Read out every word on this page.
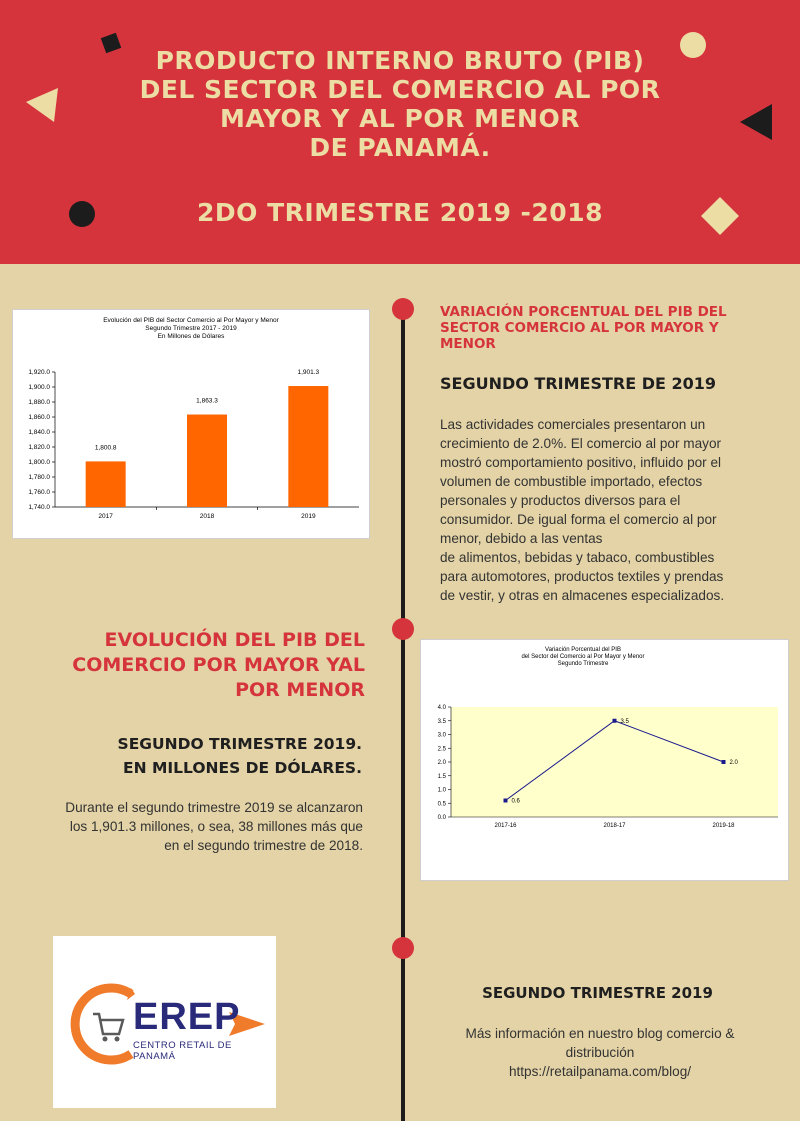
PRODUCTO INTERNO BRUTO (PIB)
DEL SECTOR DEL COMERCIO AL POR
MAYOR Y AL POR MENOR
DE PANAMÁ.
2DO TRIMESTRE 2019 -2018
Evolución del PIB del Sector Comercio al Por Mayor y Menor
Segundo Trimestre 2017 - 2019
En Millones de Dólares
1,740.0
1,760.0
1,780.0
1,800.0
1,820.0
1,840.0
1,860.0
1,880.0
1,900.0
1,920.0
1,800.8
2017
1,863.3
2018
1,901.3
2019
VARIACIÓN PORCENTUAL DEL PIB DEL
SECTOR COMERCIO AL POR MAYOR Y
MENOR
SEGUNDO TRIMESTRE DE 2019
Las actividades comerciales presentaron un
crecimiento de 2.0%. El comercio al por mayor
mostró comportamiento positivo, influido por el
volumen de combustible importado, efectos
personales y productos diversos para el
consumidor. De igual forma el comercio al por
menor, debido a las ventas
de alimentos, bebidas y tabaco, combustibles
para automotores, productos textiles y prendas
de vestir, y otras en almacenes especializados.
EVOLUCIÓN DEL PIB DEL
COMERCIO POR MAYOR YAL
POR MENOR
SEGUNDO TRIMESTRE 2019.
EN MILLONES DE DÓLARES.
Durante el segundo trimestre 2019 se alcanzaron
los 1,901.3 millones, o sea, 38 millones más que
en el segundo trimestre de 2018.
Variación Porcentual del PIB
del Sector del Comercio al Por Mayor y Menor
Segundo Trimestre
0.0
0.5
1.0
1.5
2.0
2.5
3.0
3.5
4.0
0.6
2017-16
3.5
2018-17
2.0
2019-18
EREP
CENTRO RETAIL DE PANAMÁ
SEGUNDO TRIMESTRE 2019
Más información en nuestro blog comercio &
distribución
https://retailpanama.com/blog/
